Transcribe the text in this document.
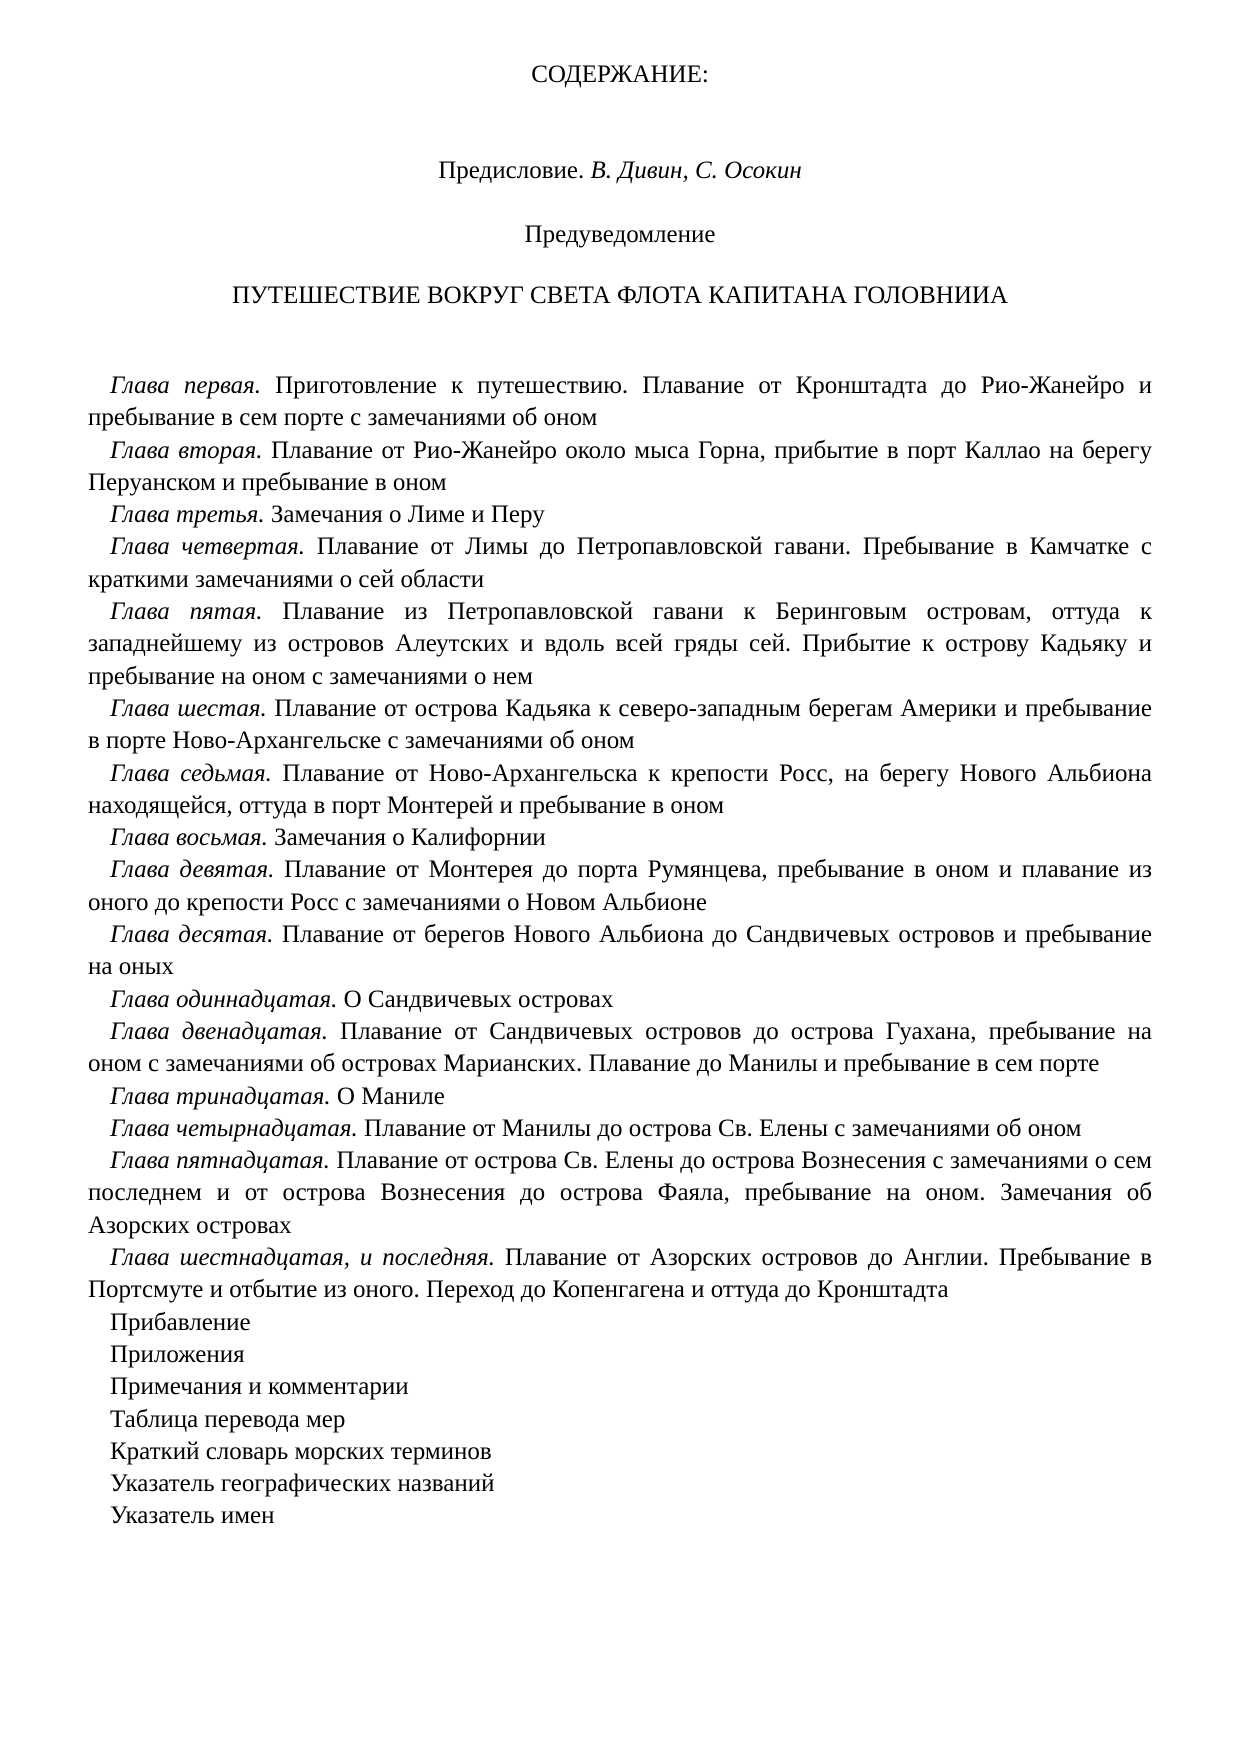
СОДЕРЖАНИЕ:
Предисловие. В. Дивин, С. Осокин
Предуведомление
ПУТЕШЕСТВИЕ ВОКРУГ СВЕТА ФЛОТА КАПИТАНА ГОЛОВНИИА
Глава первая. Приготовление к путешествию. Плавание от Кронштадта до Рио-Жанейро и пребывание в сем порте с замечаниями об оном
Глава вторая. Плавание от Рио-Жанейро около мыса Горна, прибытие в порт Каллао на берегу Перуанском и пребывание в оном
Глава третья. Замечания о Лиме и Перу
Глава четвертая. Плавание от Лимы до Петропавловской гавани. Пребывание в Камчатке с краткими замечаниями о сей области
Глава пятая. Плавание из Петропавловской гавани к Беринговым островам, оттуда к западнейшему из островов Алеутских и вдоль всей гряды сей. Прибытие к острову Кадьяку и пребывание на оном с замечаниями о нем
Глава шестая. Плавание от острова Кадьяка к северо-западным берегам Америки и пребывание в порте Ново-Архангельске с замечаниями об оном
Глава седьмая. Плавание от Ново-Архангельска к крепости Росс, на берегу Нового Альбиона находящейся, оттуда в порт Монтерей и пребывание в оном
Глава восьмая. Замечания о Калифорнии
Глава девятая. Плавание от Монтерея до порта Румянцева, пребывание в оном и плавание из оного до крепости Росс с замечаниями о Новом Альбионе
Глава десятая. Плавание от берегов Нового Альбиона до Сандвичевых островов и пребывание на оных
Глава одиннадцатая. О Сандвичевых островах
Глава двенадцатая. Плавание от Сандвичевых островов до острова Гуахана, пребывание на оном с замечаниями об островах Марианских. Плавание до Манилы и пребывание в сем порте
Глава тринадцатая. О Маниле
Глава четырнадцатая. Плавание от Манилы до острова Св. Елены с замечаниями об оном
Глава пятнадцатая. Плавание от острова Св. Елены до острова Вознесения с замечаниями о сем последнем и от острова Вознесения до острова Фаяла, пребывание на оном. Замечания об Азорских островах
Глава шестнадцатая, и последняя. Плавание от Азорских островов до Англии. Пребывание в Портсмуте и отбытие из оного. Переход до Копенгагена и оттуда до Кронштадта
Прибавление
Приложения
Примечания и комментарии
Таблица перевода мер
Краткий словарь морских терминов
Указатель географических названий
Указатель имен
